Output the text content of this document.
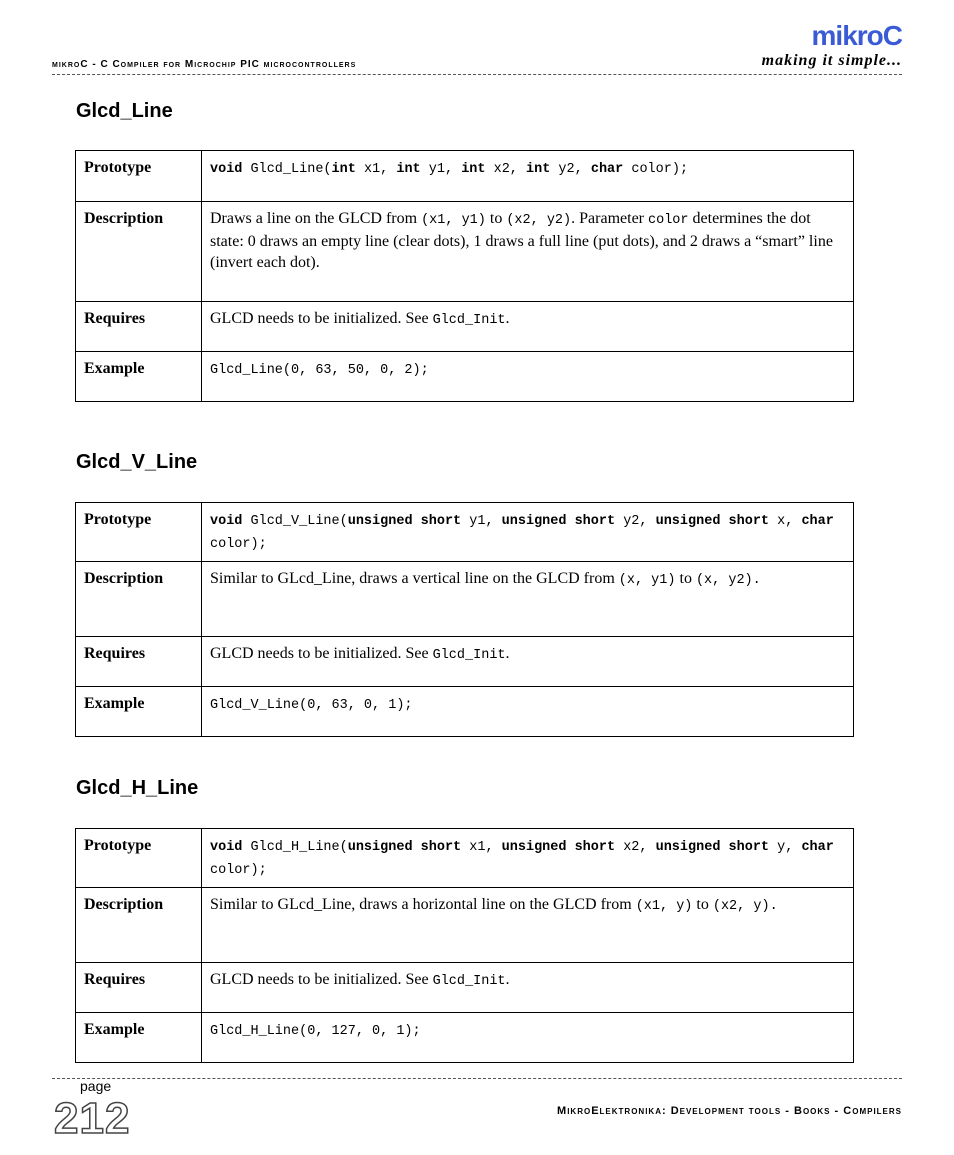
mikroC - C Compiler for Microchip PIC microcontrollers
mikroC
making it simple...
Glcd_Line
Prototype	void Glcd_Line(int x1, int y1, int x2, int y2, char color);
Description	Draws a line on the GLCD from (x1, y1) to (x2, y2). Parameter color determines the dot state: 0 draws an empty line (clear dots), 1 draws a full line (put dots), and 2 draws a “smart” line (invert each dot).
Requires	GLCD needs to be initialized. See Glcd_Init.
Example	Glcd_Line(0, 63, 50, 0, 2);
Glcd_V_Line
Prototype	void Glcd_V_Line(unsigned short y1, unsigned short y2, unsigned short x, char color);
Description	Similar to GLcd_Line, draws a vertical line on the GLCD from (x, y1) to (x, y2).
Requires	GLCD needs to be initialized. See Glcd_Init.
Example	Glcd_V_Line(0, 63, 0, 1);
Glcd_H_Line
Prototype	void Glcd_H_Line(unsigned short x1, unsigned short x2, unsigned short y, char color);
Description	Similar to GLcd_Line, draws a horizontal line on the GLCD from (x1, y) to (x2, y).
Requires	GLCD needs to be initialized. See Glcd_Init.
Example	Glcd_H_Line(0, 127, 0, 1);
page
212	MikroElektronika: Development tools - Books - Compilers
